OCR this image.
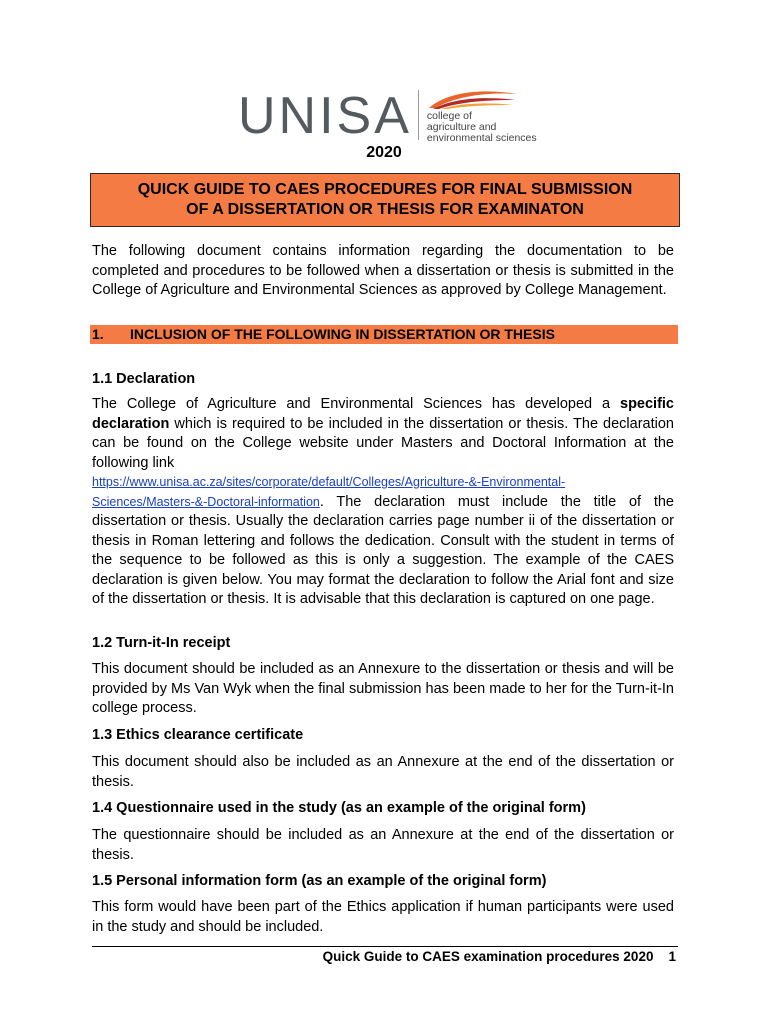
UNISA college of
agriculture and
environmental sciences
2020
QUICK GUIDE TO CAES PROCEDURES FOR FINAL SUBMISSION
OF A DISSERTATION OR THESIS FOR EXAMINATON
The following document contains information regarding the documentation to be completed and procedures to be followed when a dissertation or thesis is submitted in the College of Agriculture and Environmental Sciences as approved by College Management.
1. INCLUSION OF THE FOLLOWING IN DISSERTATION OR THESIS
1.1 Declaration
The College of Agriculture and Environmental Sciences has developed a specific declaration which is required to be included in the dissertation or thesis. The declaration can be found on the College website under Masters and Doctoral Information at the following link
https://www.unisa.ac.za/sites/corporate/default/Colleges/Agriculture-&-Environmental-
Sciences/Masters-&-Doctoral-information. The declaration must include the title of the dissertation or thesis. Usually the declaration carries page number ii of the dissertation or thesis in Roman lettering and follows the dedication. Consult with the student in terms of the sequence to be followed as this is only a suggestion. The example of the CAES declaration is given below. You may format the declaration to follow the Arial font and size of the dissertation or thesis. It is advisable that this declaration is captured on one page.
1.2 Turn-it-In receipt
This document should be included as an Annexure to the dissertation or thesis and will be provided by Ms Van Wyk when the final submission has been made to her for the Turn-it-In college process.
1.3 Ethics clearance certificate
This document should also be included as an Annexure at the end of the dissertation or thesis.
1.4 Questionnaire used in the study (as an example of the original form)
The questionnaire should be included as an Annexure at the end of the dissertation or thesis.
1.5 Personal information form (as an example of the original form)
This form would have been part of the Ethics application if human participants were used in the study and should be included.
Quick Guide to CAES examination procedures 2020 1
